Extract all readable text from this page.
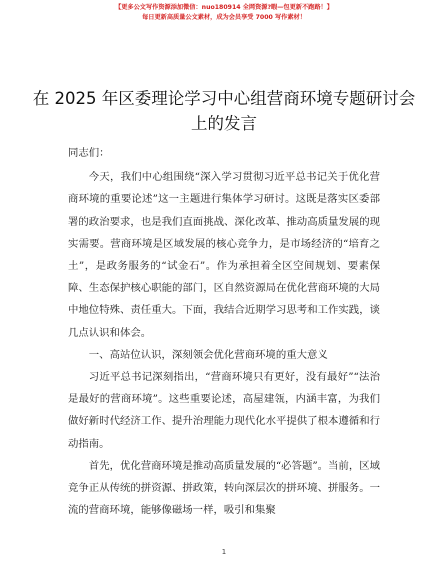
【更多公文写作资源添加微信：nuo180914 全网资源?暇—包更新不跑路！】
每日更新高质量公文素材，成为会员享受 7000 写作素材！
在 2025 年区委理论学习中心组营商环境专题研讨会上的发言

同志们：

今天，我们中心组围绕“深入学习贯彻习近平总书记关于优化营商环境的重要论述”这一主题进行集体学习研讨。这既是落实区委部署的政治要求，也是我们直面挑战、深化改革、推动高质量发展的现实需要。营商环境是区域发展的核心竞争力，是市场经济的“培育之土”，是政务服务的“试金石”。作为承担着全区空间规划、要素保障、生态保护核心职能的部门，区自然资源局在优化营商环境的大局中地位特殊、责任重大。下面，我结合近期学习思考和工作实践，谈几点认识和体会。

一、高站位认识，深刻领会优化营商环境的重大意义

习近平总书记深刻指出，“营商环境只有更好，没有最好”“法治是最好的营商环境”。这些重要论述，高屋建瓴，内涵丰富，为我们做好新时代经济工作、提升治理能力现代化水平提供了根本遵循和行动指南。

首先，优化营商环境是推动高质量发展的“必答题”。当前，区域竞争正从传统的拼资源、拼政策，转向深层次的拼环境、拼服务。一流的营商环境，能够像磁场一样，吸引和集聚

1
